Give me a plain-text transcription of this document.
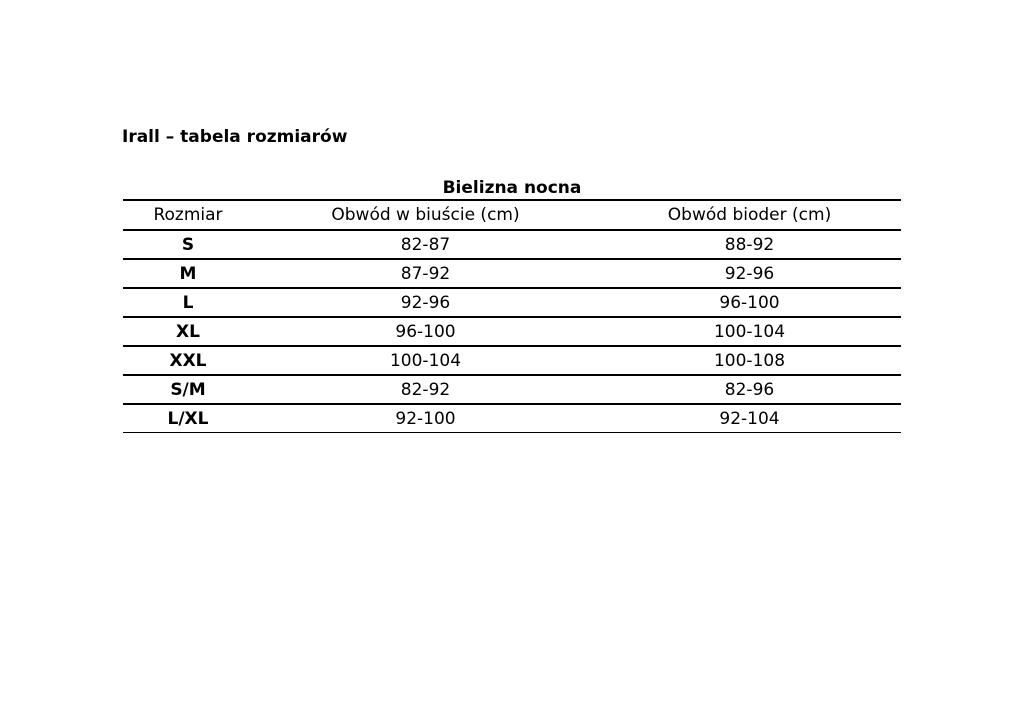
Irall – tabela rozmiarów
Bielizna nocna		
Rozmiar	Obwód w biuście (cm)	Obwód bioder (cm)
S	82-87	88-92
M	87-92	92-96
L	92-96	96-100
XL	96-100	100-104
XXL	100-104	100-108
S/M	82-92	82-96
L/XL	92-100	92-104
